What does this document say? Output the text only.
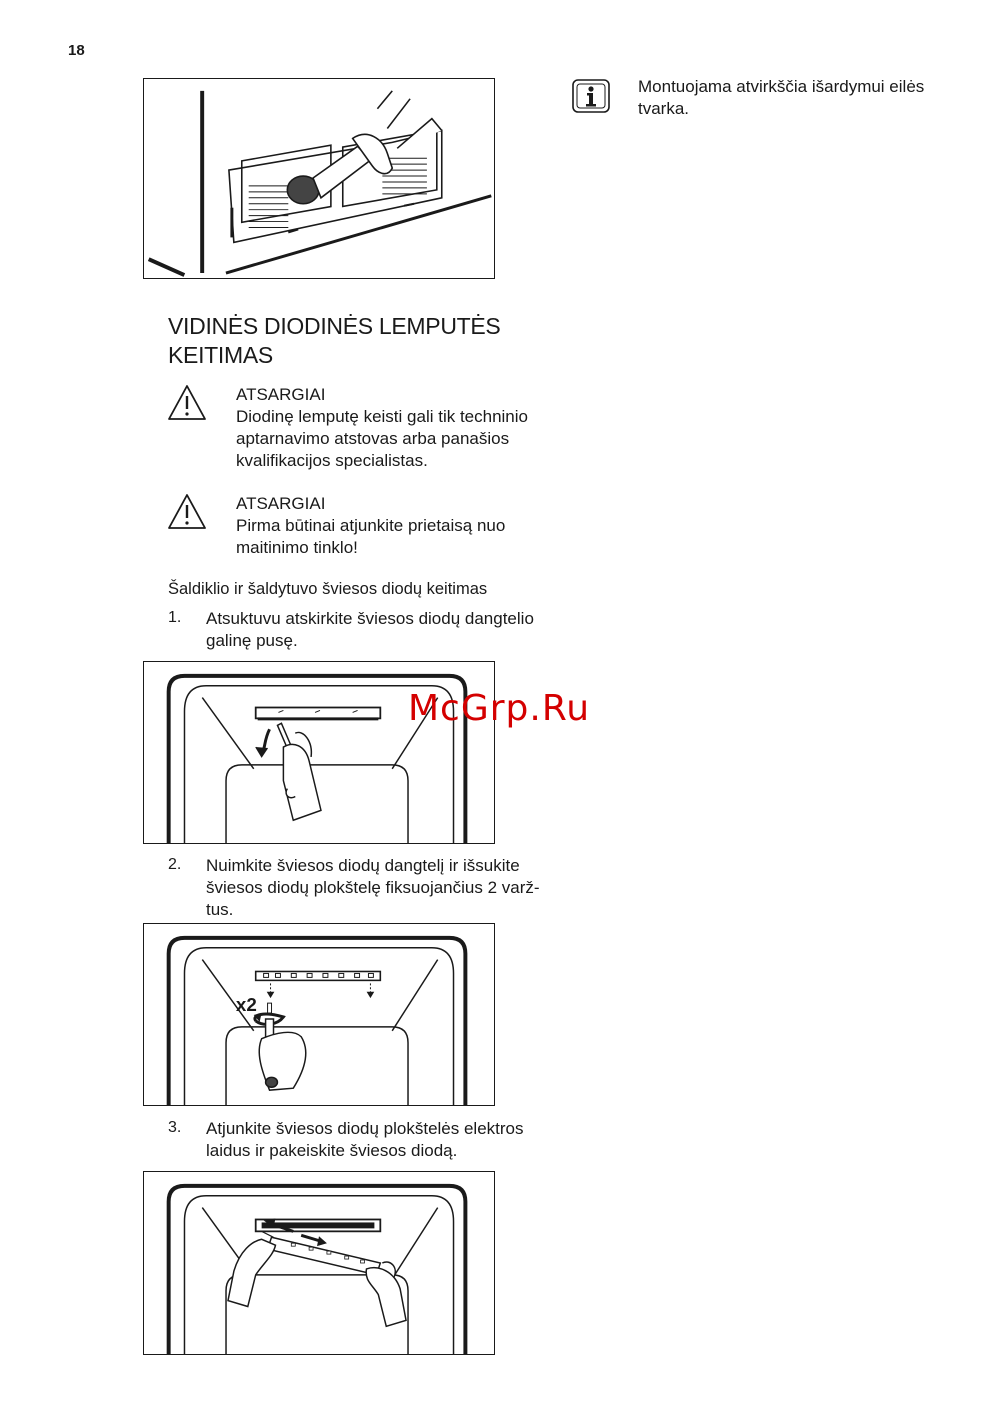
18
VIDINĖS DIODINĖS LEMPUTĖS KEITIMAS
ATSARGIAI
Diodinę lemputę keisti gali tik techninio aptarnavimo atstovas arba panašios kvalifikacijos specialistas.
ATSARGIAI
Pirma būtinai atjunkite prietaisą nuo maitinimo tinklo!
Šaldiklio ir šaldytuvo šviesos diodų keitimas
1. Atsuktuvu atskirkite šviesos diodų dangtelio galinę pusę.
McGrp.Ru
2. Nuimkite šviesos diodų dangtelį ir išsukite šviesos diodų plokštelę fiksuojančius 2 varžtus.
x2
3. Atjunkite šviesos diodų plokštelės elektros laidus ir pakeiskite šviesos diodą.
Montuojama atvirkščia išardymui eilės tvarka.
